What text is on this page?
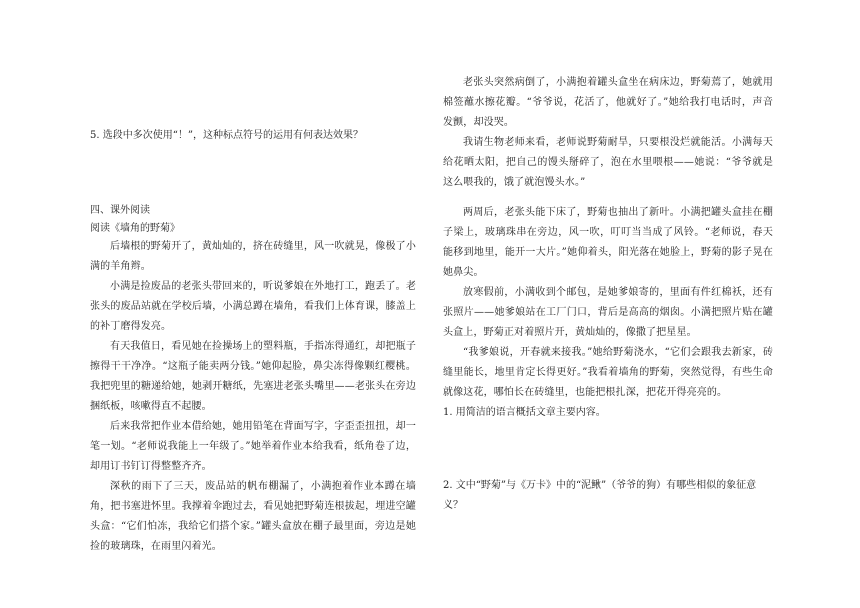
5. 选段中多次使用“！”，这种标点符号的运用有何表达效果？
四、课外阅读
阅读《墙角的野菊》

后墙根的野菊开了，黄灿灿的，挤在砖缝里，风一吹就晃，像极了小满的羊角辫。

小满是捡废品的老张头带回来的，听说爹娘在外地打工，跑丢了。老张头的废品站就在学校后墙，小满总蹲在墙角，看我们上体育课，膝盖上的补丁磨得发亮。

有天我值日，看见她在捡操场上的塑料瓶，手指冻得通红，却把瓶子擦得干干净净。“这瓶子能卖两分钱。”她仰起脸，鼻尖冻得像颗红樱桃。我把兜里的糖递给她，她剥开糖纸，先塞进老张头嘴里——老张头在旁边捆纸板，咳嗽得直不起腰。

后来我常把作业本借给她，她用铅笔在背面写字，字歪歪扭扭，却一笔一划。“老师说我能上一年级了。”她举着作业本给我看，纸角卷了边，却用订书钉订得整整齐齐。

深秋的雨下了三天，废品站的帆布棚漏了，小满抱着作业本蹲在墙角，把书塞进怀里。我撑着伞跑过去，看见她把野菊连根拔起，埋进空罐头盒：“它们怕冻，我给它们搭个家。”罐头盒放在棚子最里面，旁边是她捡的玻璃珠，在雨里闪着光。

老张头突然病倒了，小满抱着罐头盒坐在病床边，野菊蔫了，她就用棉签蘸水擦花瓣。“爷爷说，花活了，他就好了。”她给我打电话时，声音发颤，却没哭。

我请生物老师来看，老师说野菊耐旱，只要根没烂就能活。小满每天给花晒太阳，把自己的馒头掰碎了，泡在水里喂根——她说：“爷爷就是这么喂我的，饿了就泡馒头水。”

两周后，老张头能下床了，野菊也抽出了新叶。小满把罐头盒挂在棚子梁上，玻璃珠串在旁边，风一吹，叮叮当当成了风铃。“老师说，春天能移到地里，能开一大片。”她仰着头，阳光落在她脸上，野菊的影子晃在她鼻尖。

放寒假前，小满收到个邮包，是她爹娘寄的，里面有件红棉袄，还有张照片——她爹娘站在工厂门口，背后是高高的烟囱。小满把照片贴在罐头盒上，野菊正对着照片开，黄灿灿的，像撒了把星星。

“我爹娘说，开春就来接我。”她给野菊浇水，“它们会跟我去新家，砖缝里能长，地里肯定长得更好。”我看着墙角的野菊，突然觉得，有些生命就像这花，哪怕长在砖缝里，也能把根扎深，把花开得亮亮的。

1. 用简洁的语言概括文章主要内容。
2. 文中“野菊”与《万卡》中的“泥鳅”（爷爷的狗）有哪些相似的象征意义？
